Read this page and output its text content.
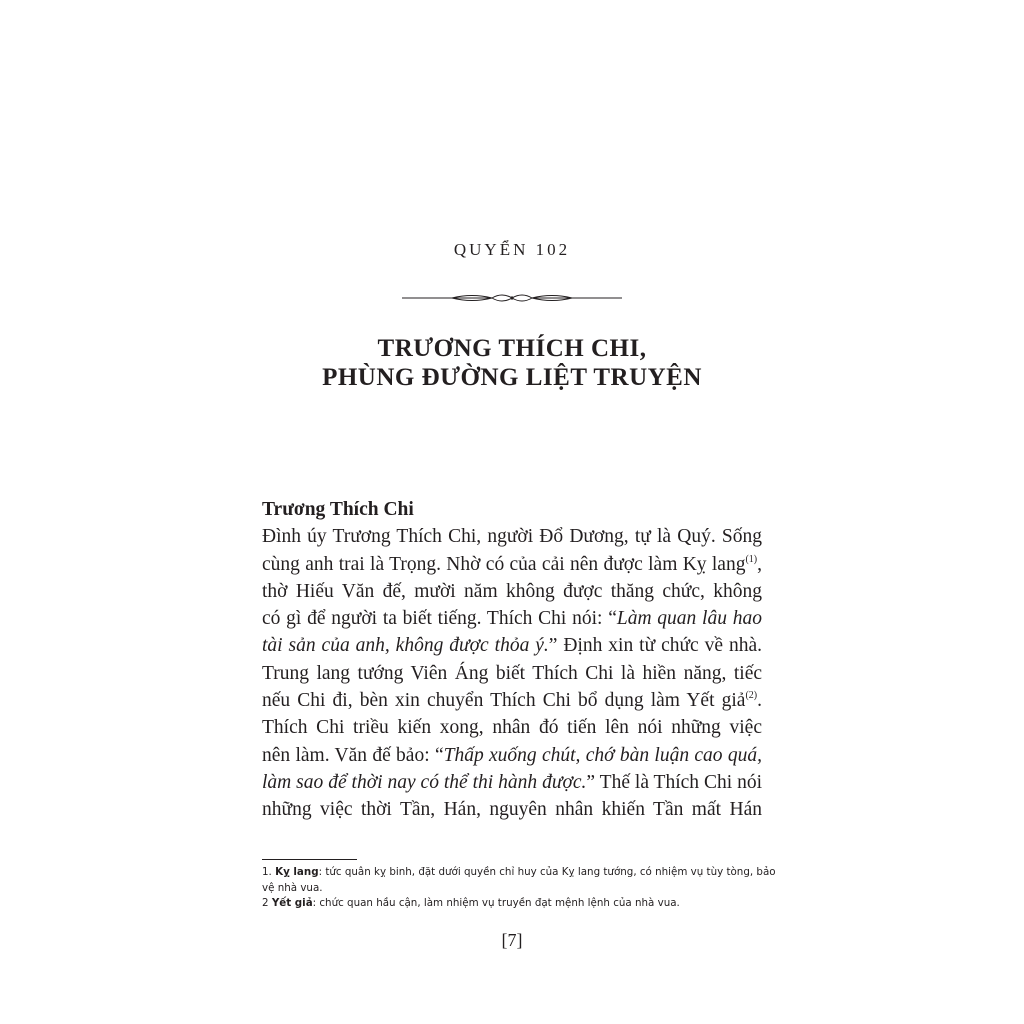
QUYỂN 102
TRƯƠNG THÍCH CHI,
PHÙNG ĐƯỜNG LIỆT TRUYỆN
Trương Thích Chi
Đình úy Trương Thích Chi, người Đổ Dương, tự là Quý. Sống
cùng anh trai là Trọng. Nhờ có của cải nên được làm Kỵ lang$^{(1)}$,
thờ Hiếu Văn đế, mười năm không được thăng chức, không
có gì để người ta biết tiếng. Thích Chi nói: “Làm quan lâu hao
tài sản của anh, không được thỏa ý.” Định xin từ chức về nhà.
Trung lang tướng Viên Áng biết Thích Chi là hiền năng, tiếc
nếu Chi đi, bèn xin chuyển Thích Chi bổ dụng làm Yết giả$^{(2)}$.
Thích Chi triều kiến xong, nhân đó tiến lên nói những việc
nên làm. Văn đế bảo: “Thấp xuống chút, chớ bàn luận cao quá,
làm sao để thời nay có thể thi hành được.” Thế là Thích Chi nói
những việc thời Tần, Hán, nguyên nhân khiến Tần mất Hán
1. Kỵ lang: tức quân kỵ binh, đặt dưới quyền chỉ huy của Kỵ lang tướng, có nhiệm vụ tùy tòng, bảo vệ nhà vua.
2 Yết giả: chức quan hầu cận, làm nhiệm vụ truyền đạt mệnh lệnh của nhà vua.
[7]
